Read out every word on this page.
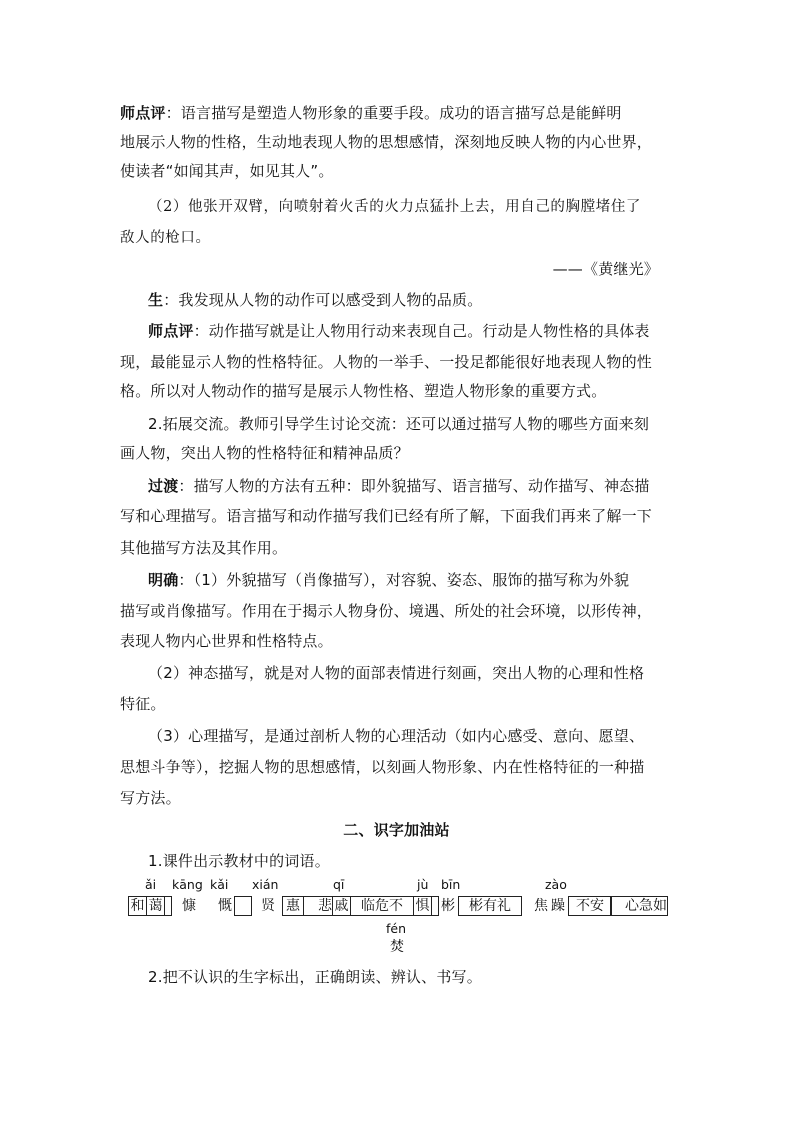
师点评：语言描写是塑造人物形象的重要手段。成功的语言描写总是能鲜明
地展示人物的性格，生动地表现人物的思想感情，深刻地反映人物的内心世界，
使读者“如闻其声，如见其人”。
（2）他张开双臂，向喷射着火舌的火力点猛扑上去，用自己的胸膛堵住了
敌人的枪口。
——《黄继光》
生：我发现从人物的动作可以感受到人物的品质。
师点评：动作描写就是让人物用行动来表现自己。行动是人物性格的具体表
现，最能显示人物的性格特征。人物的一举手、一投足都能很好地表现人物的性
格。所以对人物动作的描写是展示人物性格、塑造人物形象的重要方式。
2.拓展交流。教师引导学生讨论交流：还可以通过描写人物的哪些方面来刻
画人物，突出人物的性格特征和精神品质？
过渡：描写人物的方法有五种：即外貌描写、语言描写、动作描写、神态描
写和心理描写。语言描写和动作描写我们已经有所了解，下面我们再来了解一下
其他描写方法及其作用。
明确：（1）外貌描写（肖像描写），对容貌、姿态、服饰的描写称为外貌
描写或肖像描写。作用在于揭示人物身份、境遇、所处的社会环境，以形传神，
表现人物内心世界和性格特点。
（2）神态描写，就是对人物的面部表情进行刻画，突出人物的心理和性格
特征。
（3）心理描写，是通过剖析人物的心理活动（如内心感受、意向、愿望、
思想斗争等），挖掘人物的思想感情，以刻画人物形象、内在性格特征的一种描
写方法。
二、识字加油站
1.课件出示教材中的词语。
ǎi kāng kǎi xián	qī	jù bīn	zào
和 蔼 慷 慨	贤 惠	悲 戚 临危不 惧 彬	彬有礼	焦 躁 不安	心急如
fén
焚
2.把不认识的生字标出，正确朗读、辨认、书写。
